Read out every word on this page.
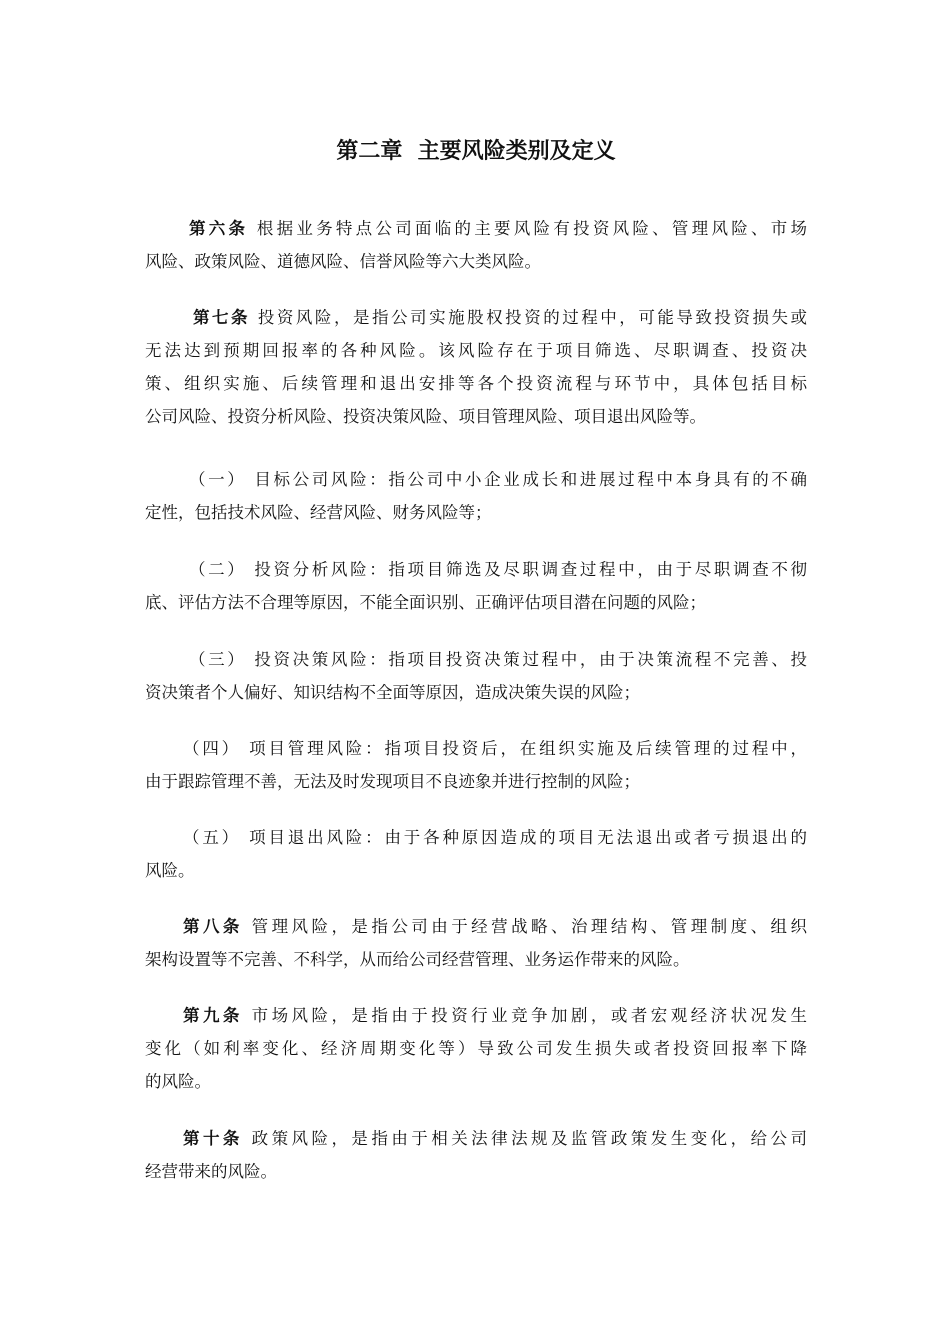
第二章  主要风险类别及定义
第六条 根据业务特点公司面临的主要风险有投资风险、管理风险、市场
风险、政策风险、道德风险、信誉风险等六大类风险。
第七条 投资风险，是指公司实施股权投资的过程中，可能导致投资损失或
无法达到预期回报率的各种风险。该风险存在于项目筛选、尽职调查、投资决
策、组织实施、后续管理和退出安排等各个投资流程与环节中，具体包括目标
公司风险、投资分析风险、投资决策风险、项目管理风险、项目退出风险等。
（一） 目标公司风险：指公司中小企业成长和进展过程中本身具有的不确
定性，包括技术风险、经营风险、财务风险等；
（二） 投资分析风险：指项目筛选及尽职调查过程中，由于尽职调查不彻
底、评估方法不合理等原因，不能全面识别、正确评估项目潜在问题的风险；
（三） 投资决策风险：指项目投资决策过程中，由于决策流程不完善、投
资决策者个人偏好、知识结构不全面等原因，造成决策失误的风险；
（四） 项目管理风险：指项目投资后，在组织实施及后续管理的过程中，
由于跟踪管理不善，无法及时发现项目不良迹象并进行控制的风险；
（五） 项目退出风险：由于各种原因造成的项目无法退出或者亏损退出的
风险。
第八条 管理风险，是指公司由于经营战略、治理结构、管理制度、组织
架构设置等不完善、不科学，从而给公司经营管理、业务运作带来的风险。
第九条 市场风险，是指由于投资行业竞争加剧，或者宏观经济状况发生
变化（如利率变化、经济周期变化等）导致公司发生损失或者投资回报率下降
的风险。
第十条 政策风险，是指由于相关法律法规及监管政策发生变化，给公司
经营带来的风险。
